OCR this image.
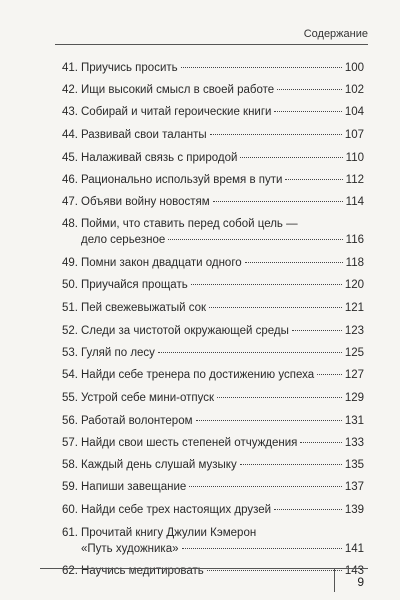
Содержание
41. Приучись просить	100
42. Ищи высокий смысл в своей работе	102
43. Собирай и читай героические книги	104
44. Развивай свои таланты	107
45. Налаживай связь с природой	110
46. Рационально используй время в пути	112
47. Объяви войну новостям	114
48. Пойми, что ставить перед собой цель —
дело серьезное	116
49. Помни закон двадцати одного	118
50. Приучайся прощать	120
51. Пей свежевыжатый сок	121
52. Следи за чистотой окружающей среды	123
53. Гуляй по лесу	125
54. Найди себе тренера по достижению успеха	127
55. Устрой себе мини-отпуск	129
56. Работай волонтером	131
57. Найди свои шесть степеней отчуждения	133
58. Каждый день слушай музыку	135
59. Напиши завещание	137
60. Найди себе трех настоящих друзей	139
61. Прочитай книгу Джулии Кэмерон
«Путь художника»	141
62. Научись медитировать	143
9
